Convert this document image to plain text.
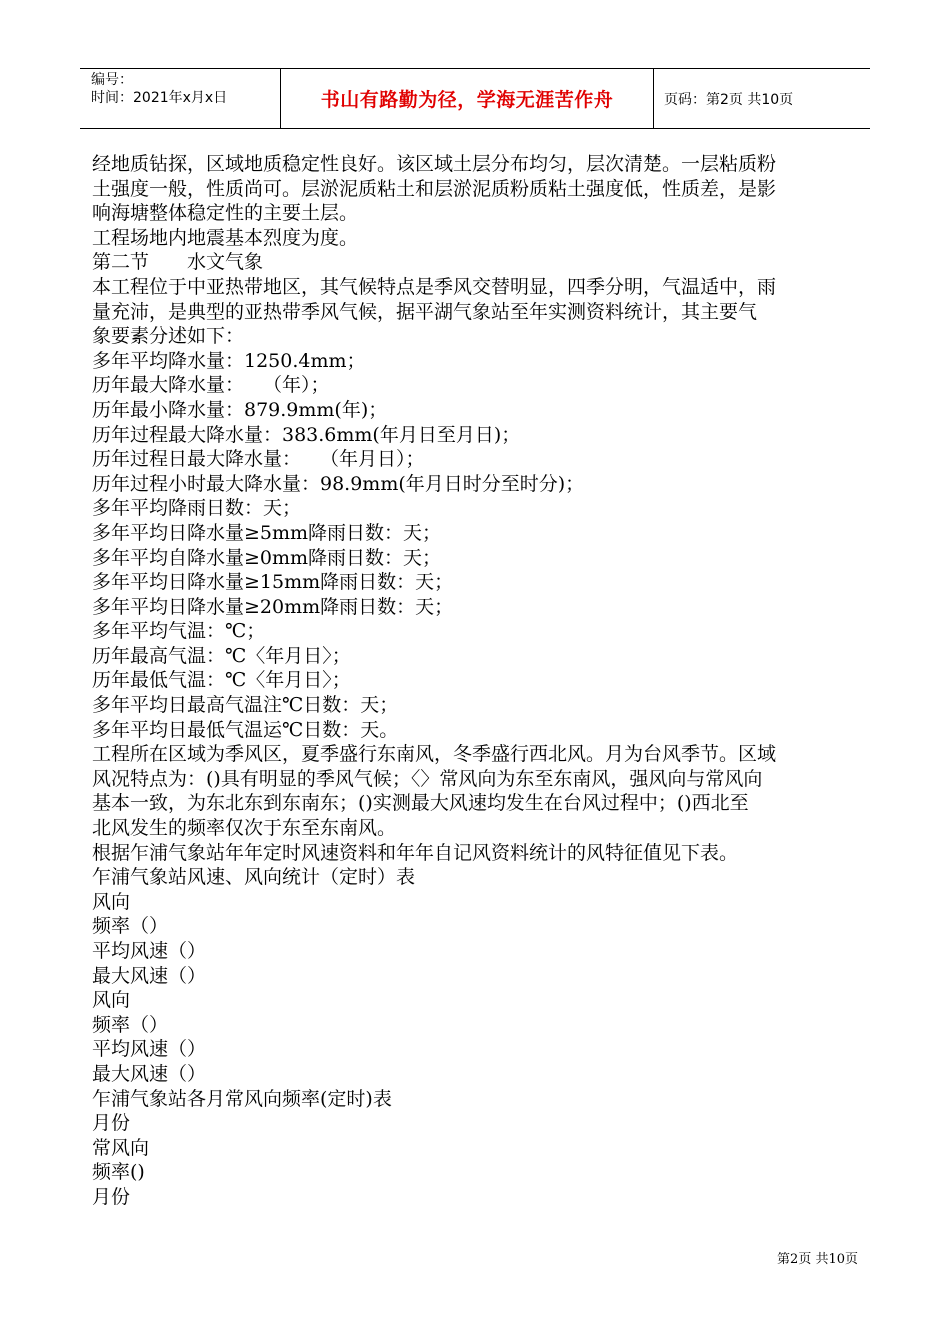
编号：
时间：2021年x月x日	书山有路勤为径，学海无涯苦作舟	页码：第2页 共10页
经地质钻探，区域地质稳定性良好。该区域土层分布均匀，层次清楚。一层粘质粉
土强度一般，性质尚可。层淤泥质粘土和层淤泥质粉质粘土强度低，性质差，是影
响海塘整体稳定性的主要土层。
工程场地内地震基本烈度为度。
第二节　　水文气象
本工程位于中亚热带地区，其气候特点是季风交替明显，四季分明，气温适中，雨
量充沛，是典型的亚热带季风气候，据平湖气象站至年实测资料统计，其主要气
象要素分述如下：
多年平均降水量：1250.4mm；
历年最大降水量：　　（年）；
历年最小降水量：879.9mm(年)；
历年过程最大降水量：383.6mm(年月日至月日)；
历年过程日最大降水量：　　（年月日）；
历年过程小时最大降水量：98.9mm(年月日时分至时分)；
多年平均降雨日数：天；
多年平均日降水量≥5mm降雨日数：天；
多年平均自降水量≥0mm降雨日数：天；
多年平均日降水量≥15mm降雨日数：天；
多年平均日降水量≥20mm降雨日数：天；
多年平均气温：℃；
历年最高气温：℃〈年月日〉；
历年最低气温：℃〈年月日〉；
多年平均日最高气温注℃日数：天；
多年平均日最低气温运℃日数：天。
工程所在区域为季风区，夏季盛行东南风，冬季盛行西北风。月为台风季节。区域
风况特点为：()具有明显的季风气候；〈〉常风向为东至东南风，强风向与常风向
基本一致，为东北东到东南东；()实测最大风速均发生在台风过程中；()西北至
北风发生的频率仅次于东至东南风。
根据乍浦气象站年年定时风速资料和年年自记风资料统计的风特征值见下表。
乍浦气象站风速、风向统计（定时）表
风向
频率（）
平均风速（）
最大风速（）
风向
频率（）
平均风速（）
最大风速（）
乍浦气象站各月常风向频率(定时)表
月份
常风向
频率()
月份
第2页 共10页
